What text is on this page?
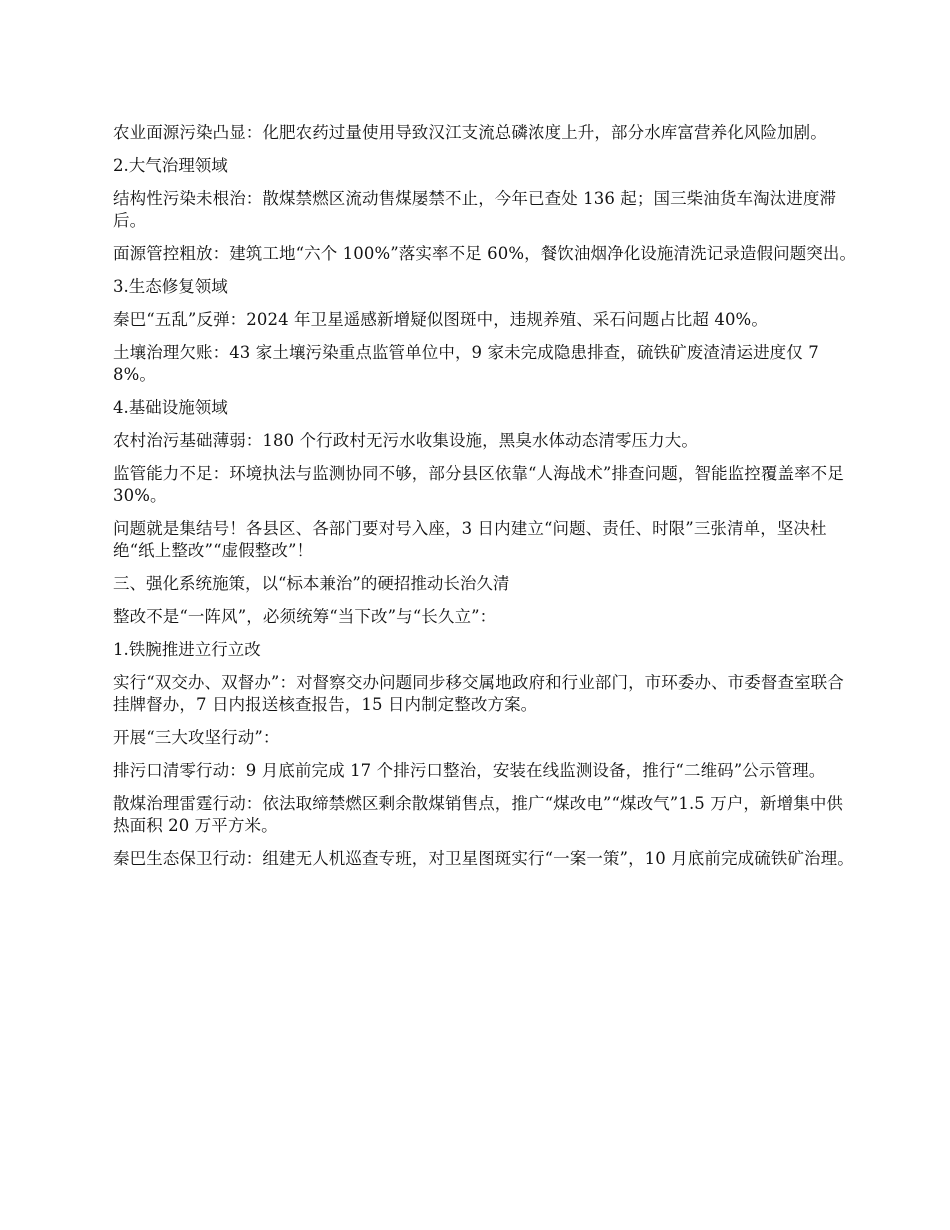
农业面源污染凸显：化肥农药过量使用导致汉江支流总磷浓度上升，部分水库富营养化风险加剧。

2.大气治理领域

结构性污染未根治：散煤禁燃区流动售煤屡禁不止，今年已查处 136 起；国三柴油货车淘汰进度滞后。

面源管控粗放：建筑工地“六个 100%”落实率不足 60%，餐饮油烟净化设施清洗记录造假问题突出。

3.生态修复领域

秦巴“五乱”反弹：2024 年卫星遥感新增疑似图斑中，违规养殖、采石问题占比超 40%。

土壤治理欠账：43 家土壤污染重点监管单位中，9 家未完成隐患排查，硫铁矿废渣清运进度仅 78%。

4.基础设施领域

农村治污基础薄弱：180 个行政村无污水收集设施，黑臭水体动态清零压力大。

监管能力不足：环境执法与监测协同不够，部分县区依靠“人海战术”排查问题，智能监控覆盖率不足 30%。

问题就是集结号！各县区、各部门要对号入座，3 日内建立“问题、责任、时限”三张清单，坚决杜绝“纸上整改”“虚假整改”！

三、强化系统施策，以“标本兼治”的硬招推动长治久清

整改不是“一阵风”，必须统筹“当下改”与“长久立”：

1.铁腕推进立行立改

实行“双交办、双督办”：对督察交办问题同步移交属地政府和行业部门，市环委办、市委督查室联合挂牌督办，7 日内报送核查报告，15 日内制定整改方案。

开展“三大攻坚行动”：

排污口清零行动：9 月底前完成 17 个排污口整治，安装在线监测设备，推行“二维码”公示管理。

散煤治理雷霆行动：依法取缔禁燃区剩余散煤销售点，推广“煤改电”“煤改气”1.5 万户，新增集中供热面积 20 万平方米。

秦巴生态保卫行动：组建无人机巡查专班，对卫星图斑实行“一案一策”，10 月底前完成硫铁矿治理。
